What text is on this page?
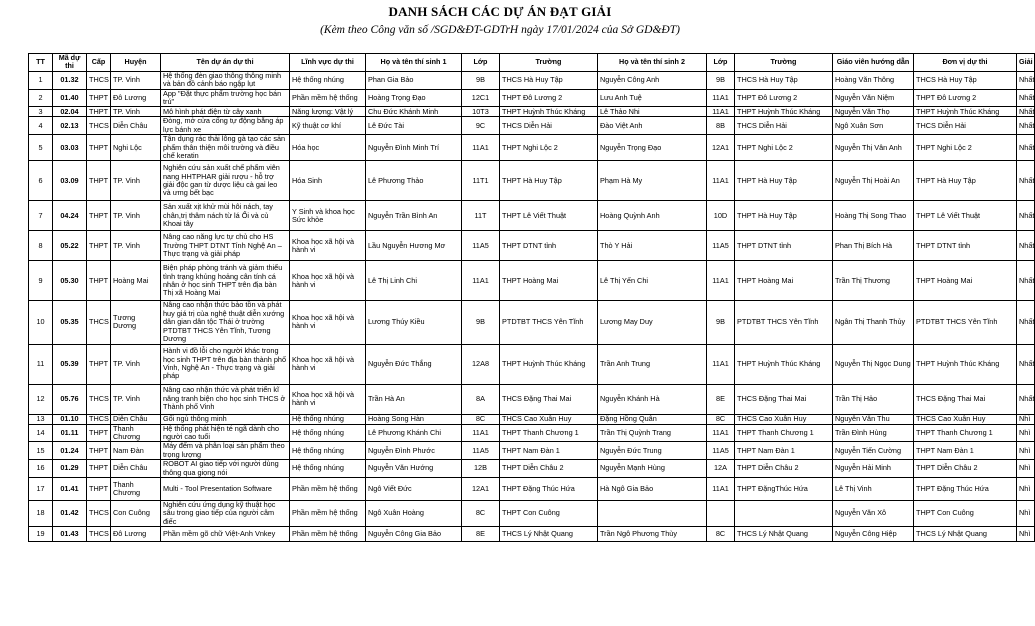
DANH SÁCH CÁC DỰ ÁN ĐẠT GIẢI
(Kèm theo Công văn số /SGD&ĐT-GDTrH ngày 17/01/2024 của Sở GD&ĐT)
TT	Mã dự thi	Cấp	Huyện	Tên dự án dự thi	Lĩnh vực dự thi	Họ và tên thí sinh 1	Lớp	Trường	Họ và tên thí sinh 2	Lớp	Trường	Giáo viên hướng dẫn	Đơn vị dự thi	Giải
1	01.32	THCS	TP. Vinh	Hệ thống đèn giao thông thông minh và bản đồ cảnh báo ngập lụt	Hệ thống nhúng	Phan Gia Bảo	9B	THCS Hà Huy Tập	Nguyễn Công Anh	9B	THCS Hà Huy Tập	Hoàng Văn Thông	THCS Hà Huy Tập	Nhất
2	01.40	THPT	Đô Lương	App "Đặt thực phẩm trường học bán trú"	Phần mềm hệ thống	Hoàng Trọng Đạo	12C1	THPT Đô Lương 2	Lưu Anh Tuệ	11A1	THPT Đô Lương 2	Nguyễn Văn Niệm	THPT Đô Lương 2	Nhất
3	02.04	THPT	TP. Vinh	Mô hình phát điện từ cây xanh	Năng lượng: Vật lý	Chu Đức Khánh Minh	10T3	THPT Huỳnh Thúc Kháng	Lê Thảo Nhi	11A1	THPT Huỳnh Thúc Kháng	Nguyễn Văn Thọ	THPT Huỳnh Thúc Kháng	Nhất
4	02.13	THCS	Diễn Châu	Đòng, mở cửa cống tự động bằng áp lực bánh xe	Kỹ thuật cơ khí	Lê Đức Tài	9C	THCS Diễn Hải	Đào Việt Anh	8B	THCS Diễn Hải	Ngô Xuân Sơn	THCS Diễn Hải	Nhất
5	03.03	THPT	Nghi Lộc	Tận dụng rác thải lông gà tạo các sản phẩm thân thiện môi trường và điều chế keratin	Hóa học	Nguyễn Đình Minh Trí	11A1	THPT Nghi Lộc 2	Nguyễn Trọng Đạo	12A1	THPT Nghi Lộc 2	Nguyễn Thị Vân Anh	THPT Nghi Lộc 2	Nhất
6	03.09	THPT	TP. Vinh	Nghiên cứu sản xuất chế phẩm viên nang HHTPHAR giải rượu - hỗ trợ giải độc gan từ dược liệu cà gai leo và ưmg bết bạc	Hóa Sinh	Lê Phương Thảo	11T1	THPT Hà Huy Tập	Phạm Hà My	11A1	THPT Hà Huy Tập	Nguyễn Thị Hoài An	THPT Hà Huy Tập	Nhất
7	04.24	THPT	TP. Vinh	Sản xuất xịt khử mùi hôi nách, tay chân,trị thâm nách từ lá Ổi và củ Khoai tây	Y Sinh và khoa học Sức khỏe	Nguyễn Trần Bình An	11T	THPT Lê Viết Thuật	Hoàng Quỳnh Anh	10D	THPT Hà Huy Tập	Hoàng Thị Song Thao	THPT Lê Viết Thuật	Nhất
8	05.22	THPT	TP. Vinh	Nâng cao năng lực tự chủ cho HS Trường THPT DTNT Tỉnh Nghệ An – Thực trạng và giải pháp	Khoa học xã hội và hành vi	Lầu Nguyễn Hương Mơ	11A5	THPT DTNT tỉnh	Thò Y Hải	11A5	THPT DTNT tỉnh	Phan Thị Bích Hà	THPT DTNT tỉnh	Nhất
9	05.30	THPT	Hoàng Mai	Biện pháp phòng tránh và giảm thiểu tình trạng khủng hoảng cân tính cá nhân ở học sinh THPT trên địa bàn Thị xã Hoàng Mai	Khoa học xã hội và hành vi	Lê Thị Linh Chi	11A1	THPT Hoàng Mai	Lê Thị Yến Chi	11A1	THPT Hoàng Mai	Trần Thị Thương	THPT Hoàng Mai	Nhất
10	05.35	THCS	Tương Dương	Nâng cao nhận thức bảo tồn và phát huy giá trị của nghệ thuật diễn xướng dân gian dân tộc Thái ở trường PTDTBT THCS Yên Tĩnh, Tương Dương	Khoa học xã hội và hành vi	Lương Thúy Kiều	9B	PTDTBT THCS Yên Tĩnh	Lương May Duy	9B	PTDTBT THCS Yên Tĩnh	Ngân Thị Thanh Thủy	PTDTBT THCS Yên Tĩnh	Nhất
11	05.39	THPT	TP. Vinh	Hành vi đồ lỗi cho người khác trong học sinh THPT trên địa bàn thành phố Vinh, Nghệ An - Thực trạng và giải pháp	Khoa học xã hội và hành vi	Nguyễn Đức Thắng	12A8	THPT Huỳnh Thúc Kháng	Trần Anh Trung	11A1	THPT Huỳnh Thúc Kháng	Nguyễn Thị Ngọc Dung	THPT Huỳnh Thúc Kháng	Nhất
12	05.76	THCS	TP. Vinh	Nâng cao nhận thức và phát triển kĩ năng tranh biện cho học sinh THCS ở Thành phố Vinh	Khoa học xã hội và hành vi	Trần Hà An	8A	THCS Đặng Thai Mai	Nguyễn Khánh Hà	8E	THCS Đặng Thai Mai	Trần Thị Hảo	THCS Đặng Thai Mai	Nhất
13	01.10	THCS	Diễn Châu	Gối ngủ thông minh	Hệ thống nhúng	Hoàng Song Hàn	8C	THCS Cao Xuân Huy	Đặng Hồng Quân	8C	THCS Cao Xuân Huy	Nguyễn Văn Thu	THCS Cao Xuân Huy	Nhì
14	01.11	THPT	Thanh Chương	Hệ thống phát hiện té ngã dành cho người cao tuổi	Hệ thống nhúng	Lê Phương Khánh Chi	11A1	THPT Thanh Chương 1	Trần Thị Quỳnh Trang	11A1	THPT Thanh Chương 1	Trần Đình Hùng	THPT Thanh Chương 1	Nhì
15	01.24	THPT	Nam Đàn	Máy đếm và phân loại sản phẩm theo trọng lượng	Hệ thống nhúng	Nguyễn Đình Phước	11A5	THPT Nam Đàn 1	Nguyễn Đức Trung	11A5	THPT Nam Đàn 1	Nguyễn Tiến Cường	THPT Nam Đàn 1	Nhì
16	01.29	THPT	Diễn Châu	ROBOT AI giao tiếp với người dùng thông qua giọng nói	Hệ thống nhúng	Nguyễn Văn Hướng	12B	THPT Diễn Châu 2	Nguyễn Mạnh Hùng	12A	THPT Diễn Châu 2	Nguyễn Hải Minh	THPT Diễn Châu 2	Nhì
17	01.41	THPT	Thanh Chương	Multi - Tool Presentation Software	Phần mềm hệ thống	Ngô Viết Đức	12A1	THPT Đặng Thúc Hứa	Hà Ngô Gia Bảo	11A1	THPT ĐặngThúc Hứa	Lê Thị Vinh	THPT Đặng Thúc Hứa	Nhì
18	01.42	THCS	Con Cuông	Nghiên cứu ứng dụng kỹ thuật học sâu trong giao tiếp của người câm điếc	Phần mềm hệ thống	Ngô Xuân Hoàng	8C	THPT Con Cuông				Nguyễn Văn Xô	THPT Con Cuông	Nhì
19	01.43	THCS	Đô Lương	Phần mềm gõ chữ Việt-Anh Vnkey	Phần mềm hệ thống	Nguyễn Công Gia Bảo	8E	THCS Lý Nhật Quang	Trần Ngô Phương Thùy	8C	THCS Lý Nhật Quang	Nguyễn Công Hiệp	THCS Lý Nhật Quang	Nhì
